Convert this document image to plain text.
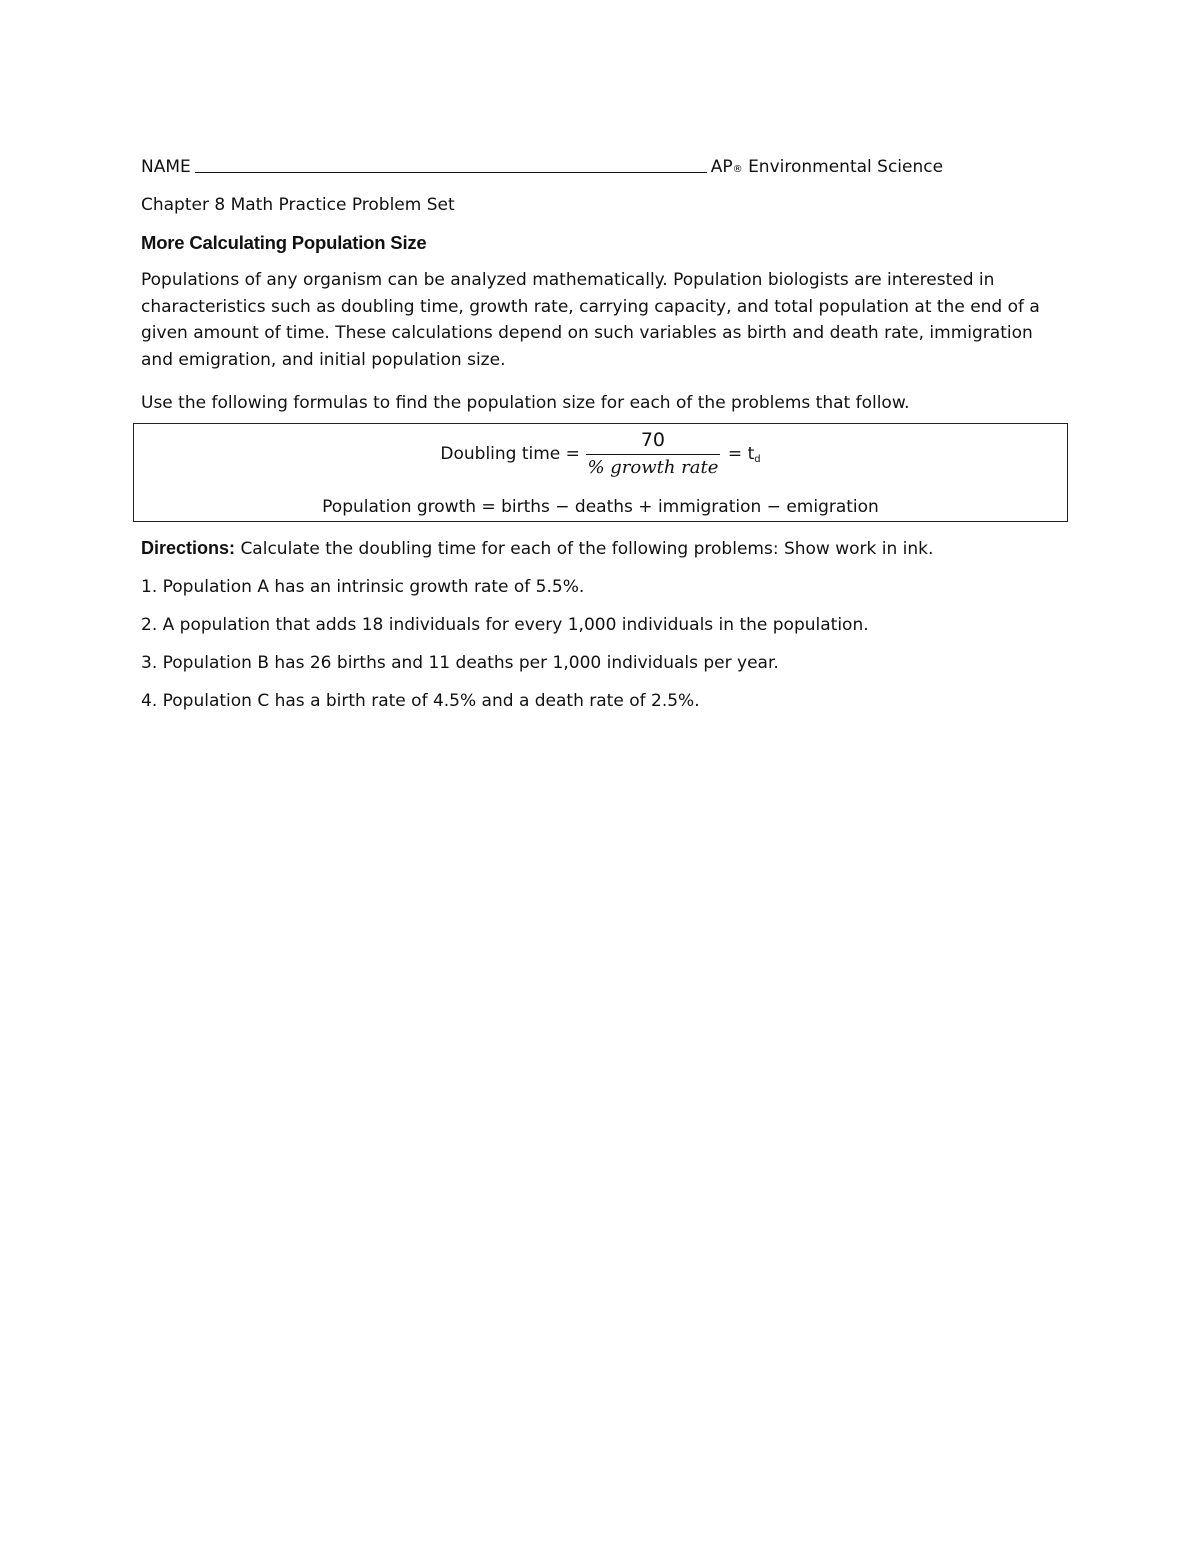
NAME	AP ®
Environmental Science

Chapter 8 Math Practice Problem Set

More Calculating Population Size

Populations of any organism can be analyzed mathematically. Population biologists are interested in characteristics such as doubling time, growth rate, carrying capacity, and total population at the end of a given amount of time. These calculations depend on such variables as birth and death rate, immigration and emigration, and initial population size.

Use the following formulas to find the population size for each of the problems that follow.

Doubling time = $\frac{70}{\text{\% growth rate}} = t_d$
Population growth = births − deaths + immigration − emigration

Directions: Calculate the doubling time for each of the following problems: Show work in ink.

1. Population A has an intrinsic growth rate of 5.5%.

2. A population that adds 18 individuals for every 1,000 individuals in the population.

3. Population B has 26 births and 11 deaths per 1,000 individuals per year.

4. Population C has a birth rate of 4.5% and a death rate of 2.5%.
